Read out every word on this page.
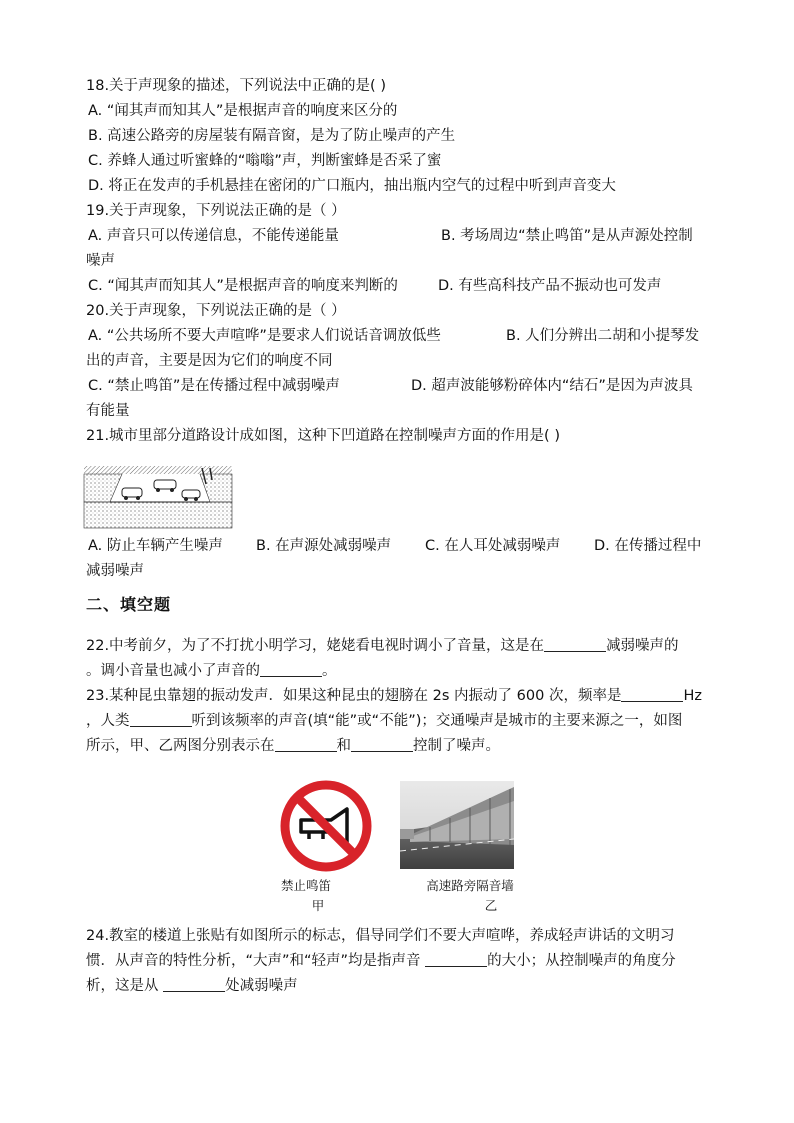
18.关于声现象的描述，下列说法中正确的是( )
A. “闻其声而知其人”是根据声音的响度来区分的
B. 高速公路旁的房屋装有隔音窗，是为了防止噪声的产生
C. 养蜂人通过听蜜蜂的“嗡嗡”声，判断蜜蜂是否采了蜜
D. 将正在发声的手机悬挂在密闭的广口瓶内，抽出瓶内空气的过程中听到声音变大
19.关于声现象，下列说法正确的是（ ）
A. 声音只可以传递信息，不能传递能量	B. 考场周边“禁止鸣笛”是从声源处控制
噪声
C. “闻其声而知其人”是根据声音的响度来判断的	D. 有些高科技产品不振动也可发声
20.关于声现象，下列说法正确的是（ ）
A. “公共场所不要大声喧哗”是要求人们说话音调放低些	B. 人们分辨出二胡和小提琴发
出的声音，主要是因为它们的响度不同
C. “禁止鸣笛”是在传播过程中减弱噪声	D. 超声波能够粉碎体内“结石”是因为声波具
有能量
21.城市里部分道路设计成如图，这种下凹道路在控制噪声方面的作用是( )
A. 防止车辆产生噪声 B. 在声源处减弱噪声 C. 在人耳处减弱噪声 D. 在传播过程中
减弱噪声
二、填空题
22.中考前夕，为了不打扰小明学习，姥姥看电视时调小了音量，这是在	减弱噪声的
。调小音量也减小了声音的	。
23.某种昆虫靠翅的振动发声．如果这种昆虫的翅膀在 2s 内振动了 600 次，频率是	Hz
，人类	听到该频率的声音(填“能”或“不能”)；交通噪声是城市的主要来源之一，如图
所示，甲、乙两图分别表示在	和	控制了噪声。
禁止鸣笛
甲
高速路旁隔音墙
乙
24.教室的楼道上张贴有如图所示的标志，倡导同学们不要大声喧哗，养成轻声讲话的文明习
惯．从声音的特性分析，“大声”和“轻声”均是指声音	的大小；从控制噪声的角度分
析，这是从	处减弱噪声
